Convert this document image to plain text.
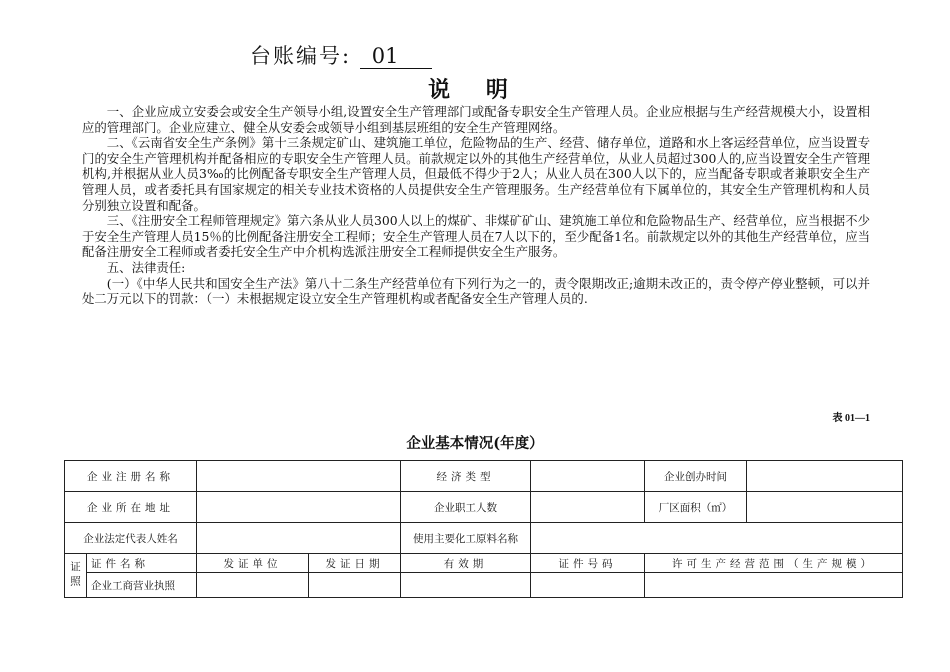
台账编号: 01
说 明

一、企业应成立安委会或安全生产领导小组,设置安全生产管理部门或配备专职安全生产管理人员。企业应根据与生产经营规模大小，设置相应的管理部门。企业应建立、健全从安委会或领导小组到基层班组的安全生产管理网络。

二、《云南省安全生产条例》第十三条规定矿山、建筑施工单位，危险物品的生产、经营、储存单位，道路和水上客运经营单位，应当设置专门的安全生产管理机构并配备相应的专职安全生产管理人员。前款规定以外的其他生产经营单位，从业人员超过300人的,应当设置安全生产管理机构,并根据从业人员3‰的比例配备专职安全生产管理人员，但最低不得少于2人；从业人员在300人以下的，应当配备专职或者兼职安全生产管理人员，或者委托具有国家规定的相关专业技术资格的人员提供安全生产管理服务。生产经营单位有下属单位的，其安全生产管理机构和人员分别独立设置和配备。

三、《注册安全工程师管理规定》第六条从业人员300人以上的煤矿、非煤矿矿山、建筑施工单位和危险物品生产、经营单位，应当根据不少于安全生产管理人员15％的比例配备注册安全工程师；安全生产管理人员在7人以下的，至少配备1名。前款规定以外的其他生产经营单位，应当配备注册安全工程师或者委托安全生产中介机构选派注册安全工程师提供安全生产服务。

五、法律责任:

(一）《中华人民共和国安全生产法》第八十二条生产经营单位有下列行为之一的，责令限期改正;逾期未改正的，责令停产停业整顿，可以并处二万元以下的罚款：（一）未根据规定设立安全生产管理机构或者配备安全生产管理人员的.

表 01—1
企业基本情况(年度）
企业注册名称				经济类型		企业创办时间	
企业所在地址				企业职工人数		厂区面积（㎡）	
企业法定代表人姓名				使用主要化工原料名称			
证照	证件名称	发证单位	发证日期	有效期	证件号码	许可生产经营范围（生产规模）	
	企业工商营业执照						
